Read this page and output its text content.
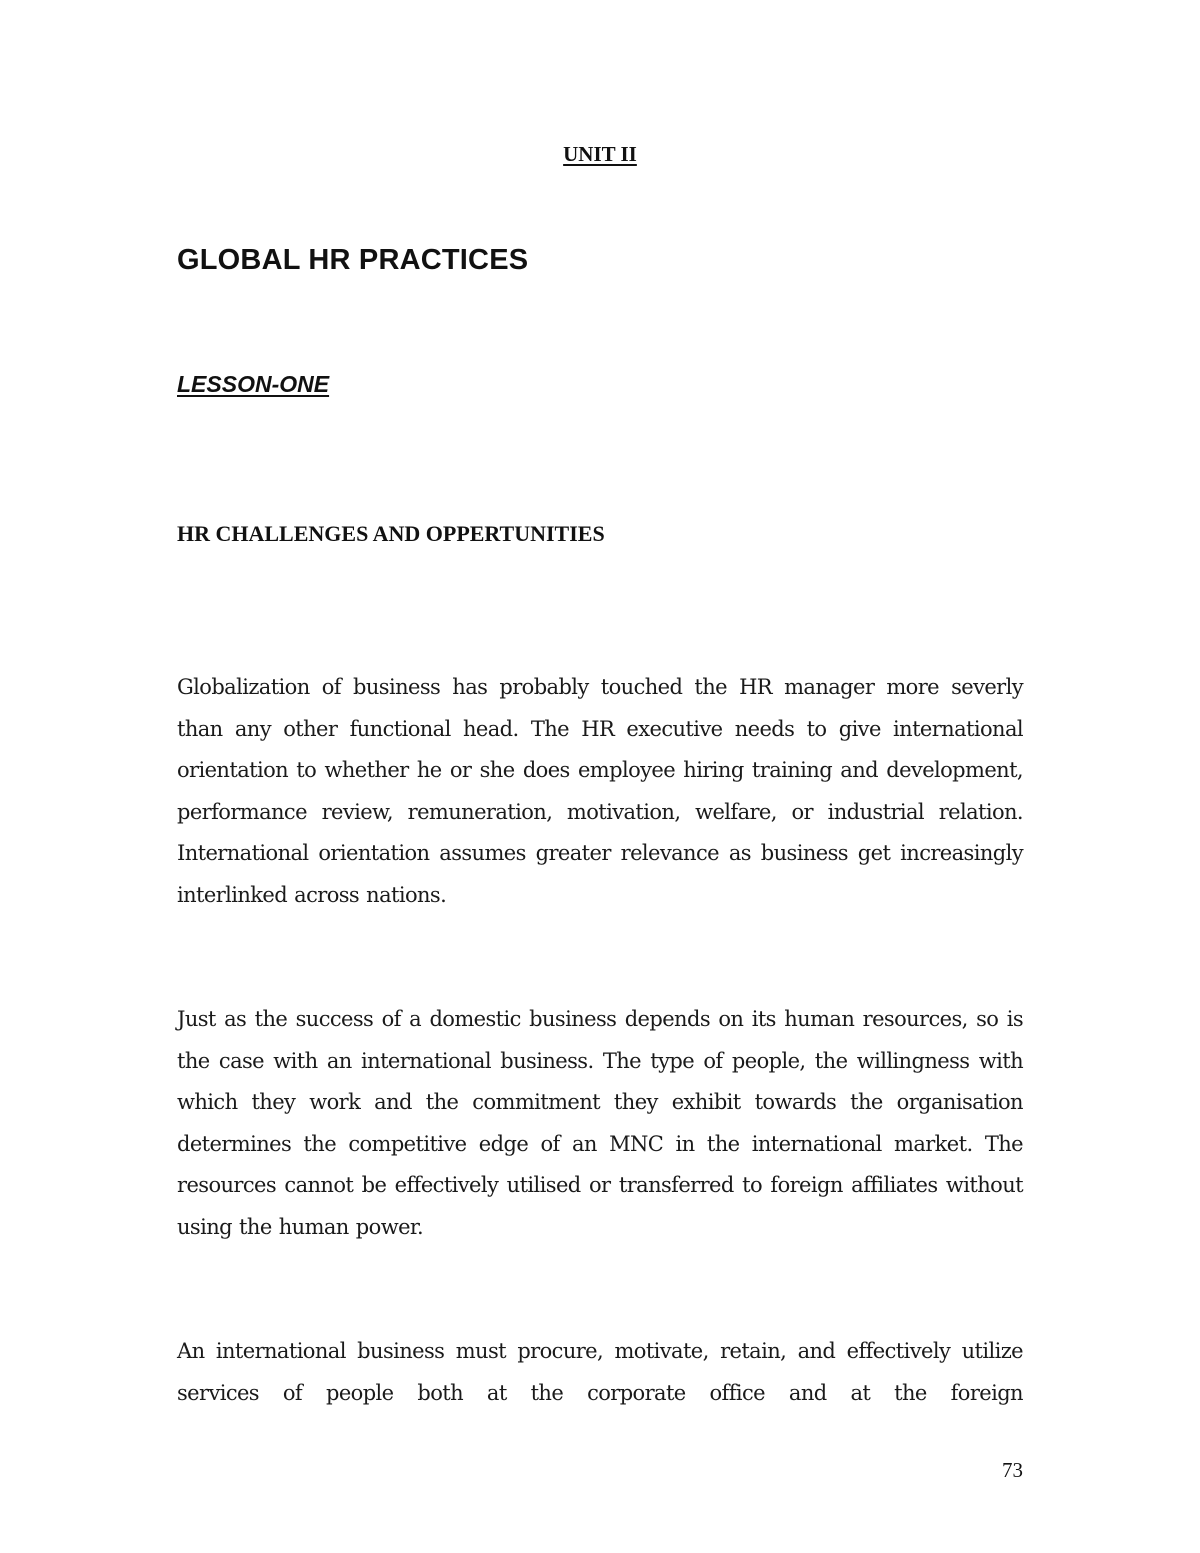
UNIT II
GLOBAL HR PRACTICES
LESSON-ONE
HR CHALLENGES AND OPPERTUNITIES

Globalization of business has probably touched the HR manager more severly than any other functional head. The HR executive needs to give international orientation to whether he or she does employee hiring training and development, performance review, remuneration, motivation, welfare, or industrial relation. International orientation assumes greater relevance as business get increasingly interlinked across nations.

Just as the success of a domestic business depends on its human resources, so is the case with an international business. The type of people, the willingness with which they work and the commitment they exhibit towards the organisation determines the competitive edge of an MNC in the international market. The resources cannot be effectively utilised or transferred to foreign affiliates without using the human power.

An international business must procure, motivate, retain, and effectively utilize services of people both at the corporate office and at the foreign

73
